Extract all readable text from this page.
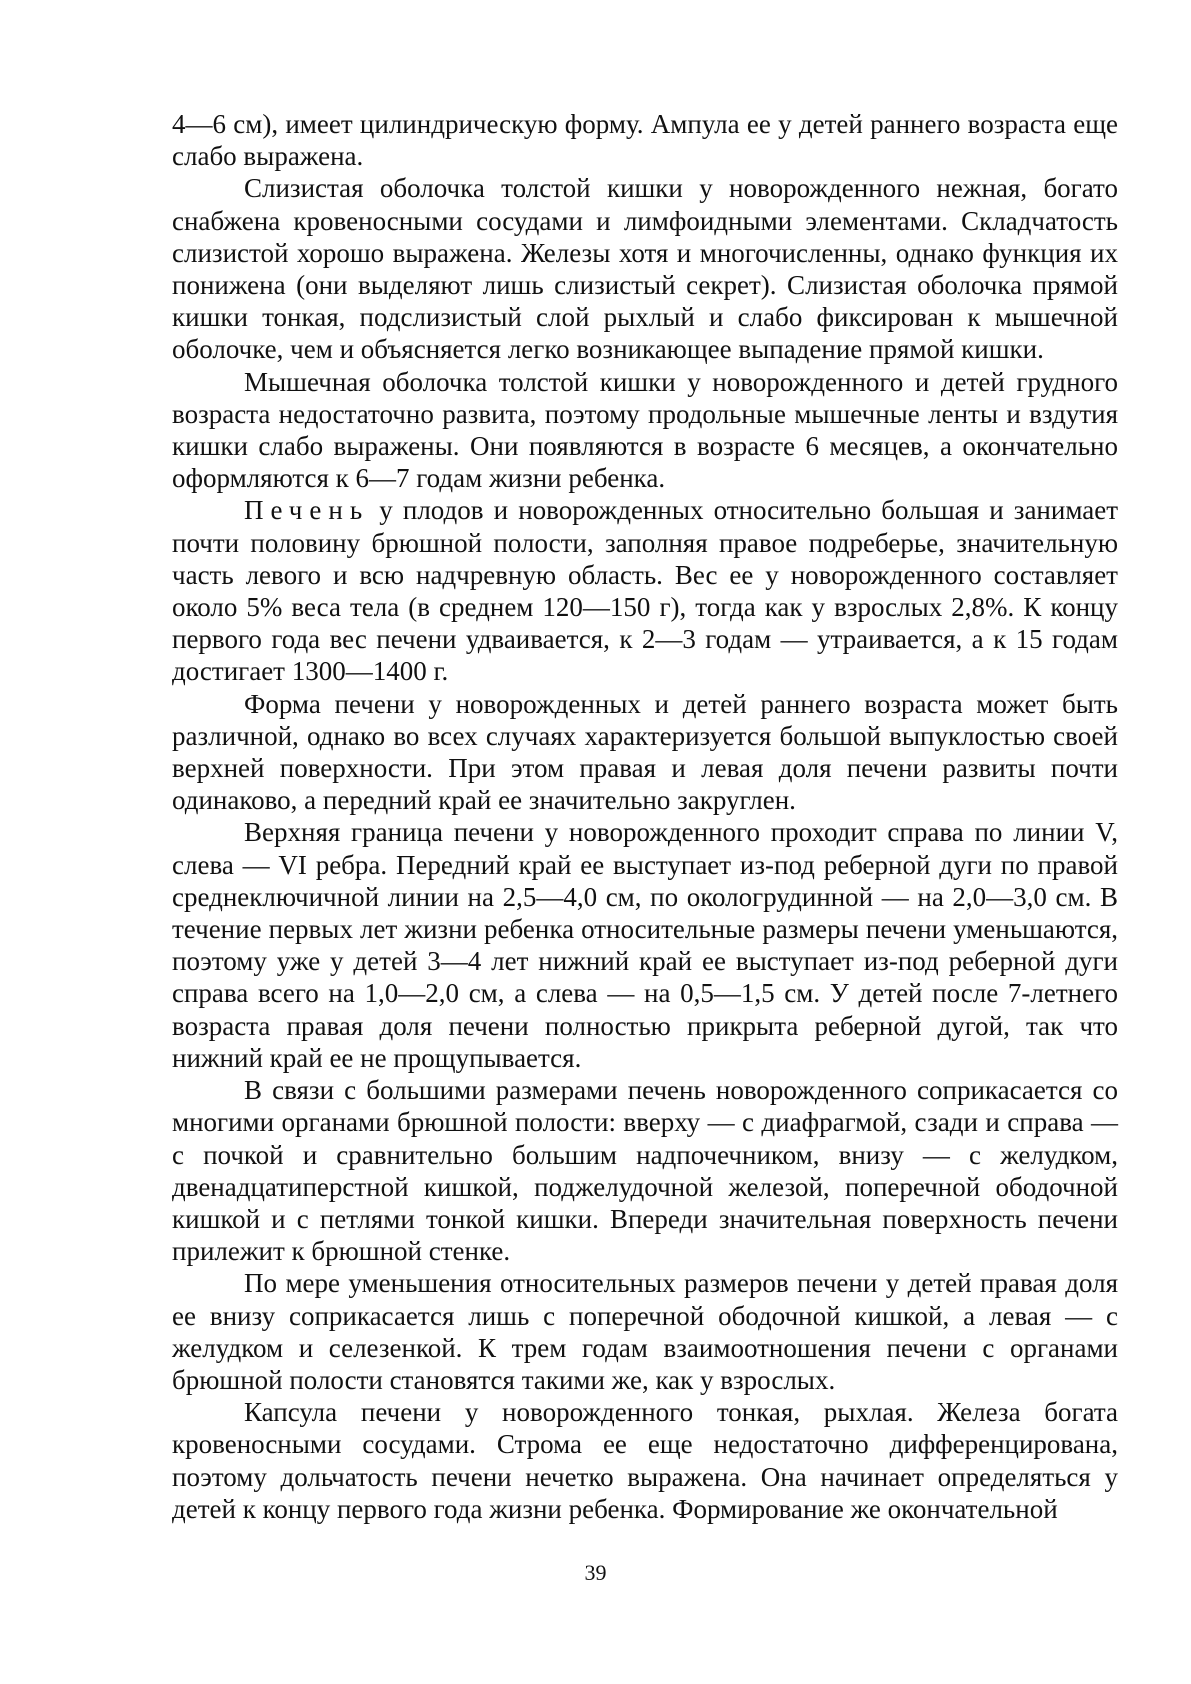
4—6 см), имеет цилиндрическую форму. Ампула ее у детей раннего возраста еще слабо выражена.

Слизистая оболочка толстой кишки у новорожденного нежная, богато снабжена кровеносными сосудами и лимфоидными элементами. Складчатость слизистой хорошо выражена. Железы хотя и многочисленны, однако функция их понижена (они выделяют лишь слизистый секрет). Слизистая оболочка прямой кишки тонкая, подслизистый слой рыхлый и слабо фиксирован к мышечной оболочке, чем и объясняется легко возникающее выпадение прямой кишки.

Мышечная оболочка толстой кишки у новорожденного и детей грудного возраста недостаточно развита, поэтому продольные мышечные ленты и вздутия кишки слабо выражены. Они появляются в возрасте 6 месяцев, а окончательно оформляются к 6—7 годам жизни ребенка.

Печень у плодов и новорожденных относительно большая и занимает почти половину брюшной полости, заполняя правое подреберье, значительную часть левого и всю надчревную область. Вес ее у новорожденного составляет около 5% веса тела (в среднем 120—150 г), тогда как у взрослых 2,8%. К концу первого года вес печени удваивается, к 2—3 годам — утраивается, а к 15 годам достигает 1300—1400 г.

Форма печени у новорожденных и детей раннего возраста может быть различной, однако во всех случаях характеризуется большой выпуклостью своей верхней поверхности. При этом правая и левая доля печени развиты почти одинаково, а передний край ее значительно закруглен.

Верхняя граница печени у новорожденного проходит справа по линии V, слева — VI ребра. Передний край ее выступает из-под реберной дуги по правой среднеключичной линии на 2,5—4,0 см, по окологрудинной — на 2,0—3,0 см. В течение первых лет жизни ребенка относительные размеры печени уменьшаются, поэтому уже у детей 3—4 лет нижний край ее выступает из-под реберной дуги справа всего на 1,0—2,0 см, а слева — на 0,5—1,5 см. У детей после 7-летнего возраста правая доля печени полностью прикрыта реберной дугой, так что нижний край ее не прощупывается.

В связи с большими размерами печень новорожденного соприкасается со многими органами брюшной полости: вверху — с диафрагмой, сзади и справа — с почкой и сравнительно большим надпочечником, внизу — с желудком, двенадцатиперстной кишкой, поджелудочной железой, поперечной ободочной кишкой и с петлями тонкой кишки. Впереди значительная поверхность печени прилежит к брюшной стенке.

По мере уменьшения относительных размеров печени у детей правая доля ее внизу соприкасается лишь с поперечной ободочной кишкой, а левая — с желудком и селезенкой. К трем годам взаимоотношения печени с органами брюшной полости становятся такими же, как у взрослых.

Капсула печени у новорожденного тонкая, рыхлая. Железа богата кровеносными сосудами. Строма ее еще недостаточно дифференцирована, поэтому дольчатость печени нечетко выражена. Она начинает определяться у детей к концу первого года жизни ребенка. Формирование же окончательной

39
